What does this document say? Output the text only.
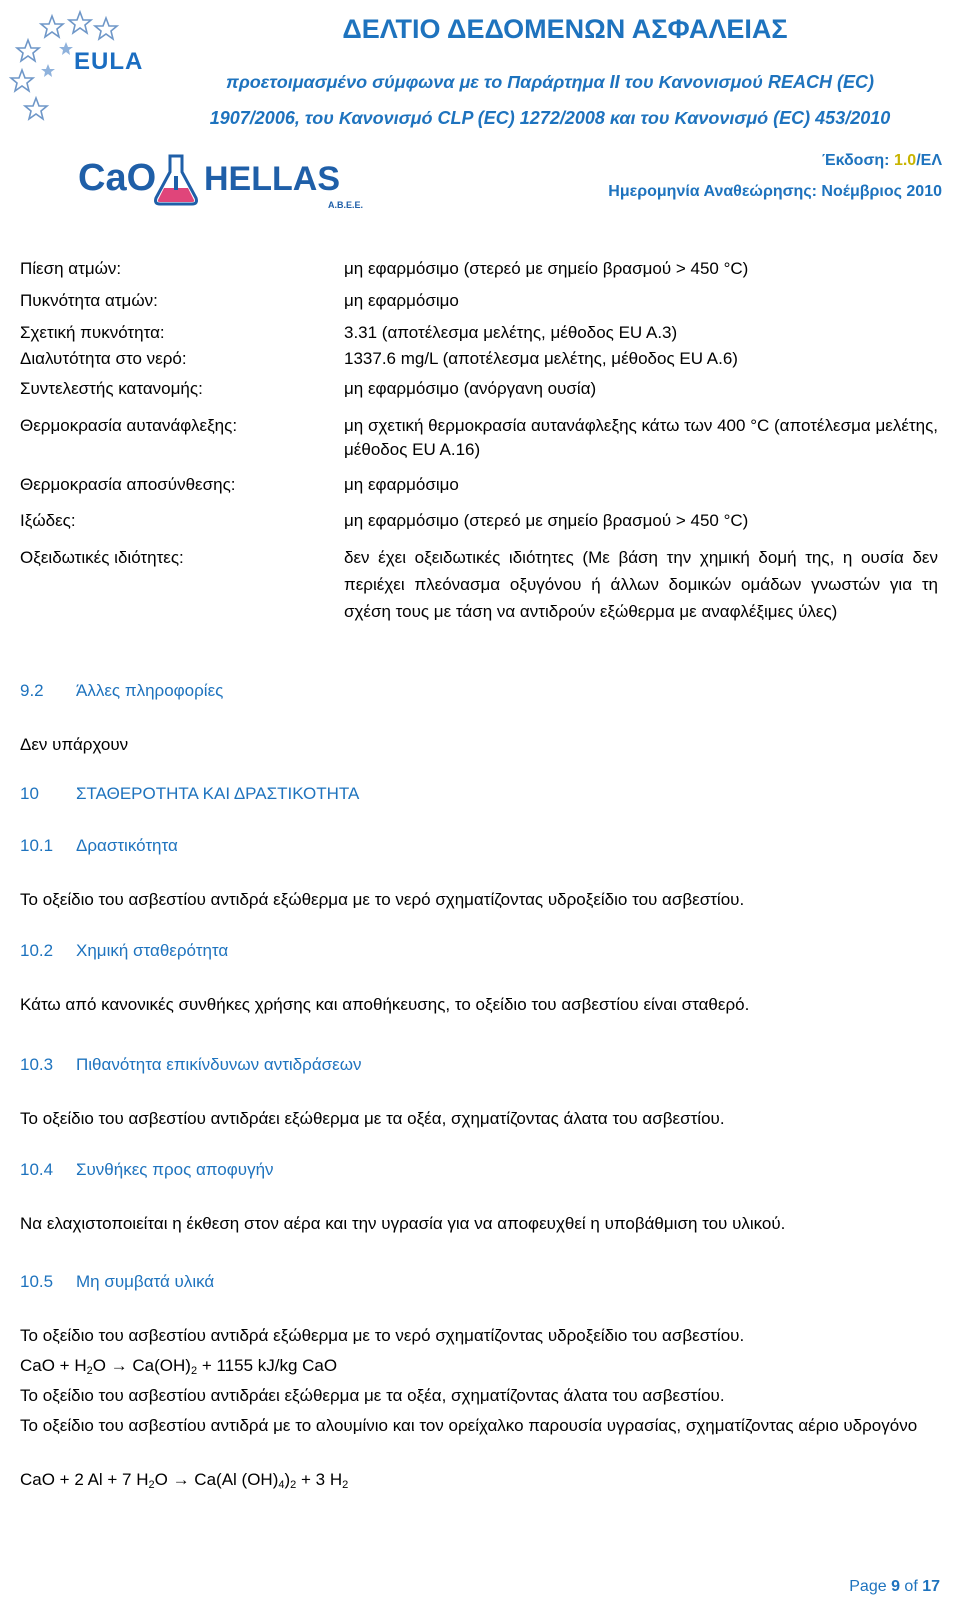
EULA
ΔΕΛΤΙΟ ΔΕΔΟΜΕΝΩΝ ΑΣΦΑΛΕΙΑΣ
προετοιμασμένο σύμφωνα με το Παράρτημα II του Κανονισμού REACH (EC)
1907/2006, του Κανονισμό CLP (EC) 1272/2008 και του Κανονισμό (EC) 453/2010
CaO HELLAS
A.B.E.E.
Έκδοση: 1.0/ΕΛ
Ημερομηνία Αναθεώρησης: Νοέμβριος 2010
Πίεση ατμών:	μη εφαρμόσιμο (στερεό με σημείο βρασμού > 450 °C)
Πυκνότητα ατμών:	μη εφαρμόσιμο
Σχετική πυκνότητα:	3.31 (αποτέλεσμα μελέτης, μέθοδος EU A.3)
Διαλυτότητα στο νερό:	1337.6 mg/L (αποτέλεσμα μελέτης, μέθοδος EU A.6)
Συντελεστής κατανομής:	μη εφαρμόσιμο (ανόργανη ουσία)
Θερμοκρασία αυτανάφλεξης:	μη σχετική θερμοκρασία αυτανάφλεξης κάτω των 400 °C (αποτέλεσμα μελέτης, μέθοδος EU A.16)
Θερμοκρασία αποσύνθεσης:	μη εφαρμόσιμο
Ιξώδες:	μη εφαρμόσιμο (στερεό με σημείο βρασμού > 450 °C)
Οξειδωτικές ιδιότητες:	δεν έχει οξειδωτικές ιδιότητες (Με βάση την χημική δομή της, η ουσία δεν περιέχει πλεόνασμα οξυγόνου ή άλλων δομικών ομάδων γνωστών για τη σχέση τους με τάση να αντιδρούν εξώθερμα με αναφλέξιμες ύλες)
9.2 Άλλες πληροφορίες
Δεν υπάρχουν
10 ΣΤΑΘΕΡΟΤΗΤΑ ΚΑΙ ΔΡΑΣΤΙΚΟΤΗΤΑ
10.1 Δραστικότητα
Το οξείδιο του ασβεστίου αντιδρά εξώθερμα με το νερό σχηματίζοντας υδροξείδιο του ασβεστίου.
10.2 Χημική σταθερότητα
Κάτω από κανονικές συνθήκες χρήσης και αποθήκευσης, το οξείδιο του ασβεστίου είναι σταθερό.
10.3 Πιθανότητα επικίνδυνων αντιδράσεων
Το οξείδιο του ασβεστίου αντιδράει εξώθερμα με τα οξέα, σχηματίζοντας άλατα του ασβεστίου.
10.4 Συνθήκες προς αποφυγήν
Να ελαχιστοποιείται η έκθεση στον αέρα και την υγρασία για να αποφευχθεί η υποβάθμιση του υλικού.
10.5 Μη συμβατά υλικά
Το οξείδιο του ασβεστίου αντιδρά εξώθερμα με το νερό σχηματίζοντας υδροξείδιο του ασβεστίου.
CaO + $H_2O \to Ca(OH)_2 + 1155$ kJ/kg CaO
Το οξείδιο του ασβεστίου αντιδράει εξώθερμα με τα οξέα, σχηματίζοντας άλατα του ασβεστίου.
Το οξείδιο του ασβεστίου αντιδρά με το αλουμίνιο και τον ορείχαλκο παρουσία υγρασίας, σχηματίζοντας αέριο υδρογόνο
CaO + 2 Al + 7 $H_2O \to Ca(Al$ $(OH)_4)_2 + 3$ $H_2$
Page 9 of 17
